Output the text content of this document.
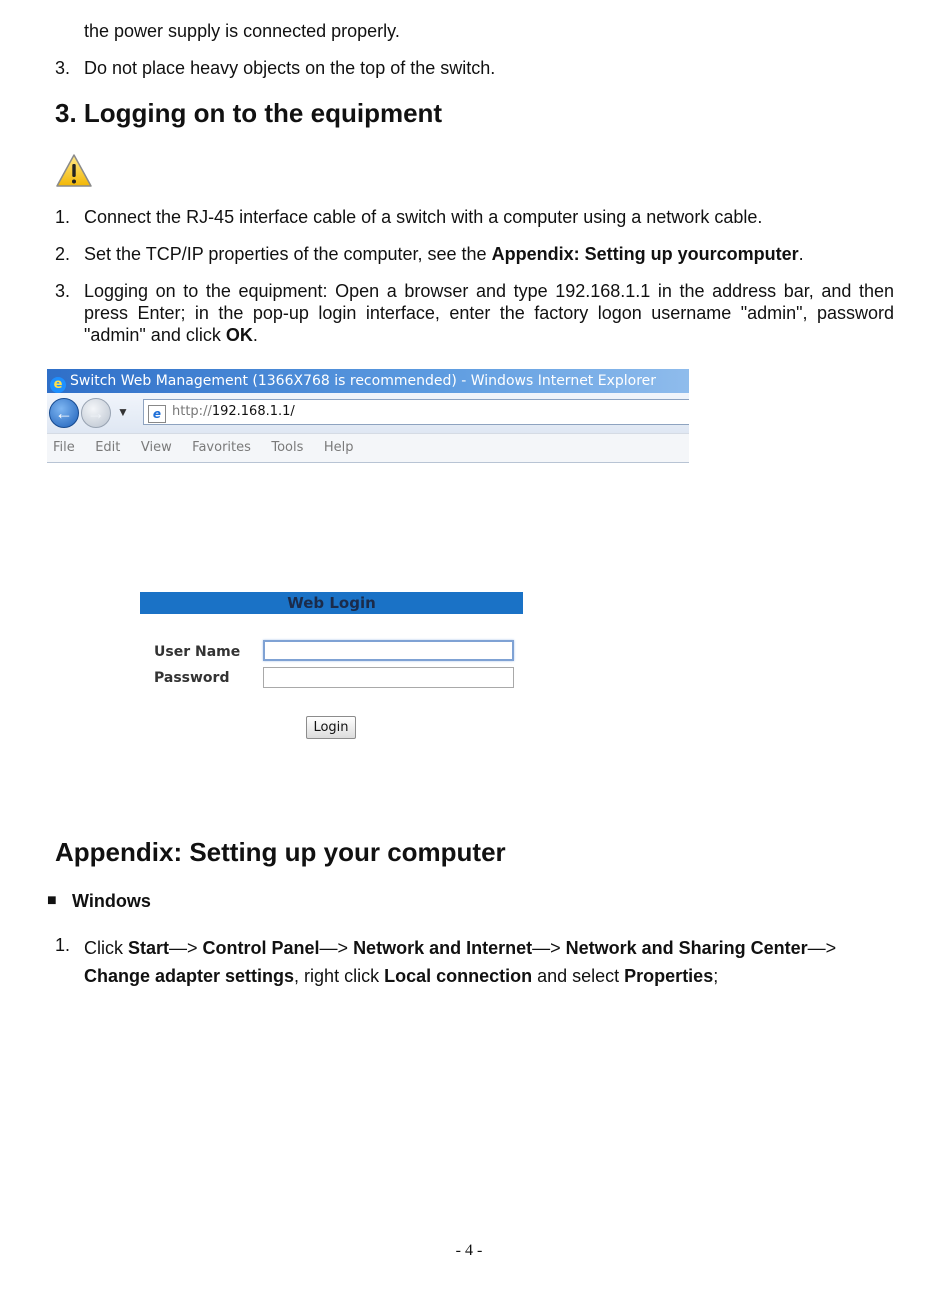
the power supply is connected properly.
3. Do not place heavy objects on the top of the switch.
3. Logging on to the equipment
1. Connect the RJ-45 interface cable of a switch with a computer using a network cable.
2. Set the TCP/IP properties of the computer, see the Appendix: Setting up yourcomputer.
3. Logging on to the equipment: Open a browser and type 192.168.1.1 in the address bar, and then press Enter; in the pop-up login interface, enter the factory logon username "admin", password "admin" and click OK.
e Switch Web Management (1366X768 is recommended) - Windows Internet Explorer
← →	▼	e http://192.168.1.1/
File Edit View Favorites Tools Help
Web Login
User Name
Password
Login
Appendix: Setting up your computer
■ Windows
1. Click Start—> Control Panel—> Network and Internet—> Network and Sharing Center—>
Change adapter settings, right click Local connection and select Properties;
- 4 -
